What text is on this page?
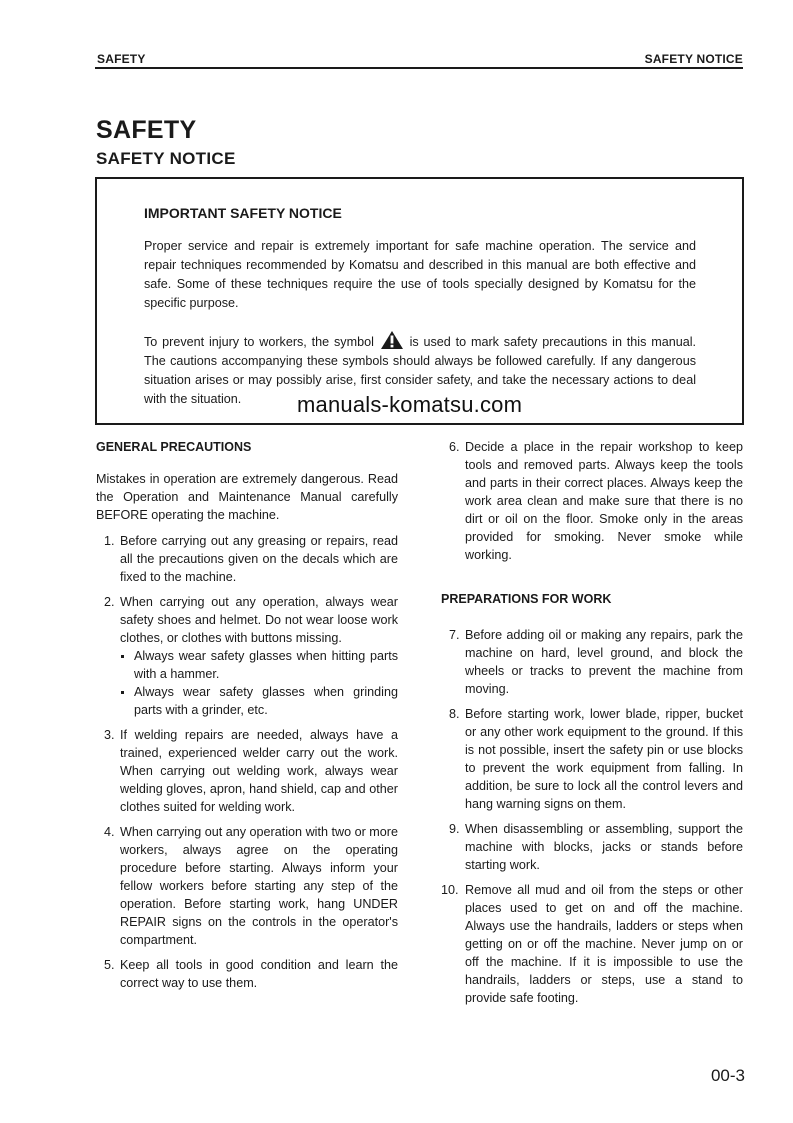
SAFETY	SAFETY NOTICE
SAFETY
SAFETY NOTICE
IMPORTANT SAFETY NOTICE
Proper service and repair is extremely important for safe machine operation. The service and repair techniques recommended by Komatsu and described in this manual are both effective and safe. Some of these techniques require the use of tools specially designed by Komatsu for the specific purpose.
To prevent injury to workers, the symbol	is used to mark safety precautions in this manual. The cautions accompanying these symbols should always be followed carefully. If any dangerous situation arises or may possibly arise, first consider safety, and take the necessary actions to deal with the situation.	manuals-komatsu.com
GENERAL PRECAUTIONS
Mistakes in operation are extremely dangerous. Read the Operation and Maintenance Manual carefully BEFORE operating the machine.
1. Before carrying out any greasing or repairs, read all the precautions given on the decals which are fixed to the machine.
2. When carrying out any operation, always wear safety shoes and helmet. Do not wear loose work clothes, or clothes with buttons missing.
Always wear safety glasses when hitting parts with a hammer.
Always wear safety glasses when grinding parts with a grinder, etc.
3. If welding repairs are needed, always have a trained, experienced welder carry out the work. When carrying out welding work, always wear welding gloves, apron, hand shield, cap and other clothes suited for welding work.
4. When carrying out any operation with two or more workers, always agree on the operating procedure before starting. Always inform your fellow workers before starting any step of the operation. Before starting work, hang UNDER REPAIR signs on the controls in the operator's compartment.
5. Keep all tools in good condition and learn the correct way to use them.
6. Decide a place in the repair workshop to keep tools and removed parts. Always keep the tools and parts in their correct places. Always keep the work area clean and make sure that there is no dirt or oil on the floor. Smoke only in the areas provided for smoking. Never smoke while working.
PREPARATIONS FOR WORK
7. Before adding oil or making any repairs, park the machine on hard, level ground, and block the wheels or tracks to prevent the machine from moving.
8. Before starting work, lower blade, ripper, bucket or any other work equipment to the ground. If this is not possible, insert the safety pin or use blocks to prevent the work equipment from falling. In addition, be sure to lock all the control levers and hang warning signs on them.
9. When disassembling or assembling, support the machine with blocks, jacks or stands before starting work.
10. Remove all mud and oil from the steps or other places used to get on and off the machine. Always use the handrails, ladders or steps when getting on or off the machine. Never jump on or off the machine. If it is impossible to use the handrails, ladders or steps, use a stand to provide safe footing.
00-3
